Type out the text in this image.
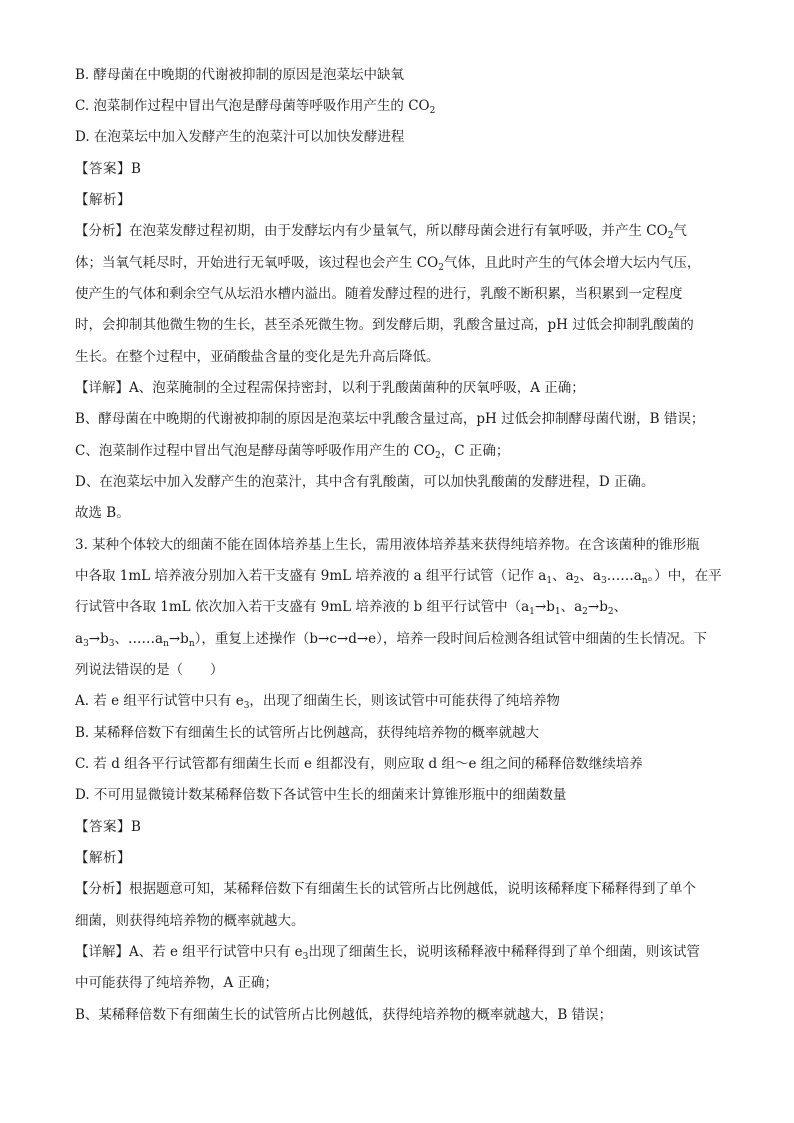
B. 酵母菌在中晚期的代谢被抑制的原因是泡菜坛中缺氧
C. 泡菜制作过程中冒出气泡是酵母菌等呼吸作用产生的 $CO_2$
D. 在泡菜坛中加入发酵产生的泡菜汁可以加快发酵进程
【答案】B
【解析】
【分析】在泡菜发酵过程初期，由于发酵坛内有少量氧气，所以酵母菌会进行有氧呼吸，并产生 $CO_2$气
体；当氧气耗尽时，开始进行无氧呼吸，该过程也会产生 $CO_2$气体，且此时产生的气体会增大坛内气压，
使产生的气体和剩余空气从坛沿水槽内溢出。随着发酵过程的进行，乳酸不断积累，当积累到一定程度
时，会抑制其他微生物的生长，甚至杀死微生物。到发酵后期，乳酸含量过高，pH 过低会抑制乳酸菌的
生长。在整个过程中，亚硝酸盐含量的变化是先升高后降低。
【详解】A、泡菜腌制的全过程需保持密封，以利于乳酸菌菌种的厌氧呼吸，A 正确；
B、酵母菌在中晚期的代谢被抑制的原因是泡菜坛中乳酸含量过高，pH 过低会抑制酵母菌代谢，B 错误；
C、泡菜制作过程中冒出气泡是酵母菌等呼吸作用产生的 $CO_2$，C 正确；
D、在泡菜坛中加入发酵产生的泡菜汁，其中含有乳酸菌，可以加快乳酸菌的发酵进程，D 正确。
故选 B。
3. 某种个体较大的细菌不能在固体培养基上生长，需用液体培养基来获得纯培养物。在含该菌种的锥形瓶
中各取 1mL 培养液分别加入若干支盛有 9mL 培养液的 a 组平行试管（记作 $a_1$、$a_2$、$a_3\dots\dots a_n$。）中，在平
行试管中各取 1mL 依次加入若干支盛有 9mL 培养液的 b 组平行试管中（$a_1\to b_1$、$a_2\to b_2$、
$a_3\to b_3$、$\dots\dots a_n\to b_n$），重复上述操作（b→c→d→e），培养一段时间后检测各组试管中细菌的生长情况。下
列说法错误的是（　　）
A. 若 e 组平行试管中只有 $e_3$，出现了细菌生长，则该试管中可能获得了纯培养物
B. 某稀释倍数下有细菌生长的试管所占比例越高，获得纯培养物的概率就越大
C. 若 d 组各平行试管都有细菌生长而 e 组都没有，则应取 d 组～e 组之间的稀释倍数继续培养
D. 不可用显微镜计数某稀释倍数下各试管中生长的细菌来计算锥形瓶中的细菌数量
【答案】B
【解析】
【分析】根据题意可知，某稀释倍数下有细菌生长的试管所占比例越低，说明该稀释度下稀释得到了单个
细菌，则获得纯培养物的概率就越大。
【详解】A、若 e 组平行试管中只有 $e_3$出现了细菌生长，说明该稀释液中稀释得到了单个细菌，则该试管
中可能获得了纯培养物，A 正确；
B、某稀释倍数下有细菌生长的试管所占比例越低，获得纯培养物的概率就越大，B 错误；
